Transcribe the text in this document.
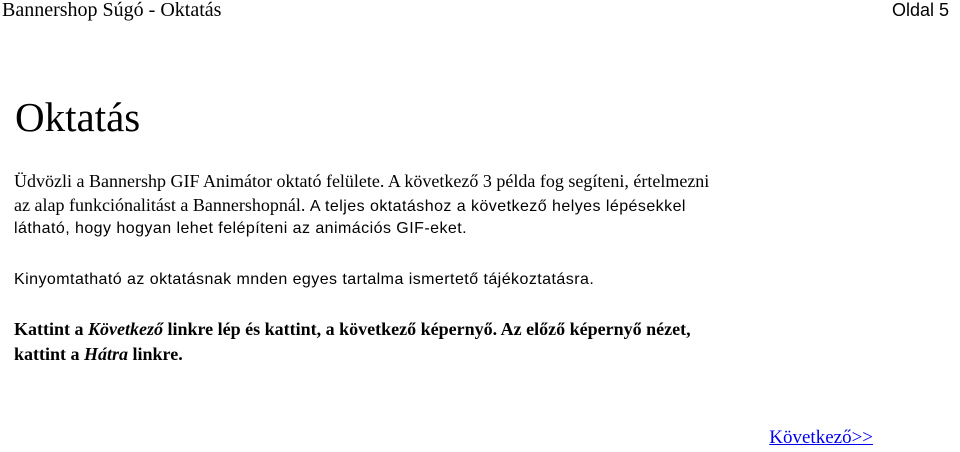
Bannershop Súgó - Oktatás	Oldal 5
Oktatás
Üdvözli a Bannershp GIF Animátor oktató felülete. A következő 3 példa fog segíteni, értelmezni
az alap funkciónalitást a Bannershopnál. A teljes oktatáshoz a következő helyes lépésekkel
látható, hogy hogyan lehet felépíteni az animációs GIF-eket.

Kinyomtatható az oktatásnak mnden egyes tartalma ismertető tájékoztatásra.

Kattint a Következő linkre lép és kattint, a következő képernyő. Az előző képernyő nézet,
kattint a Hátra linkre.
Következő>>
